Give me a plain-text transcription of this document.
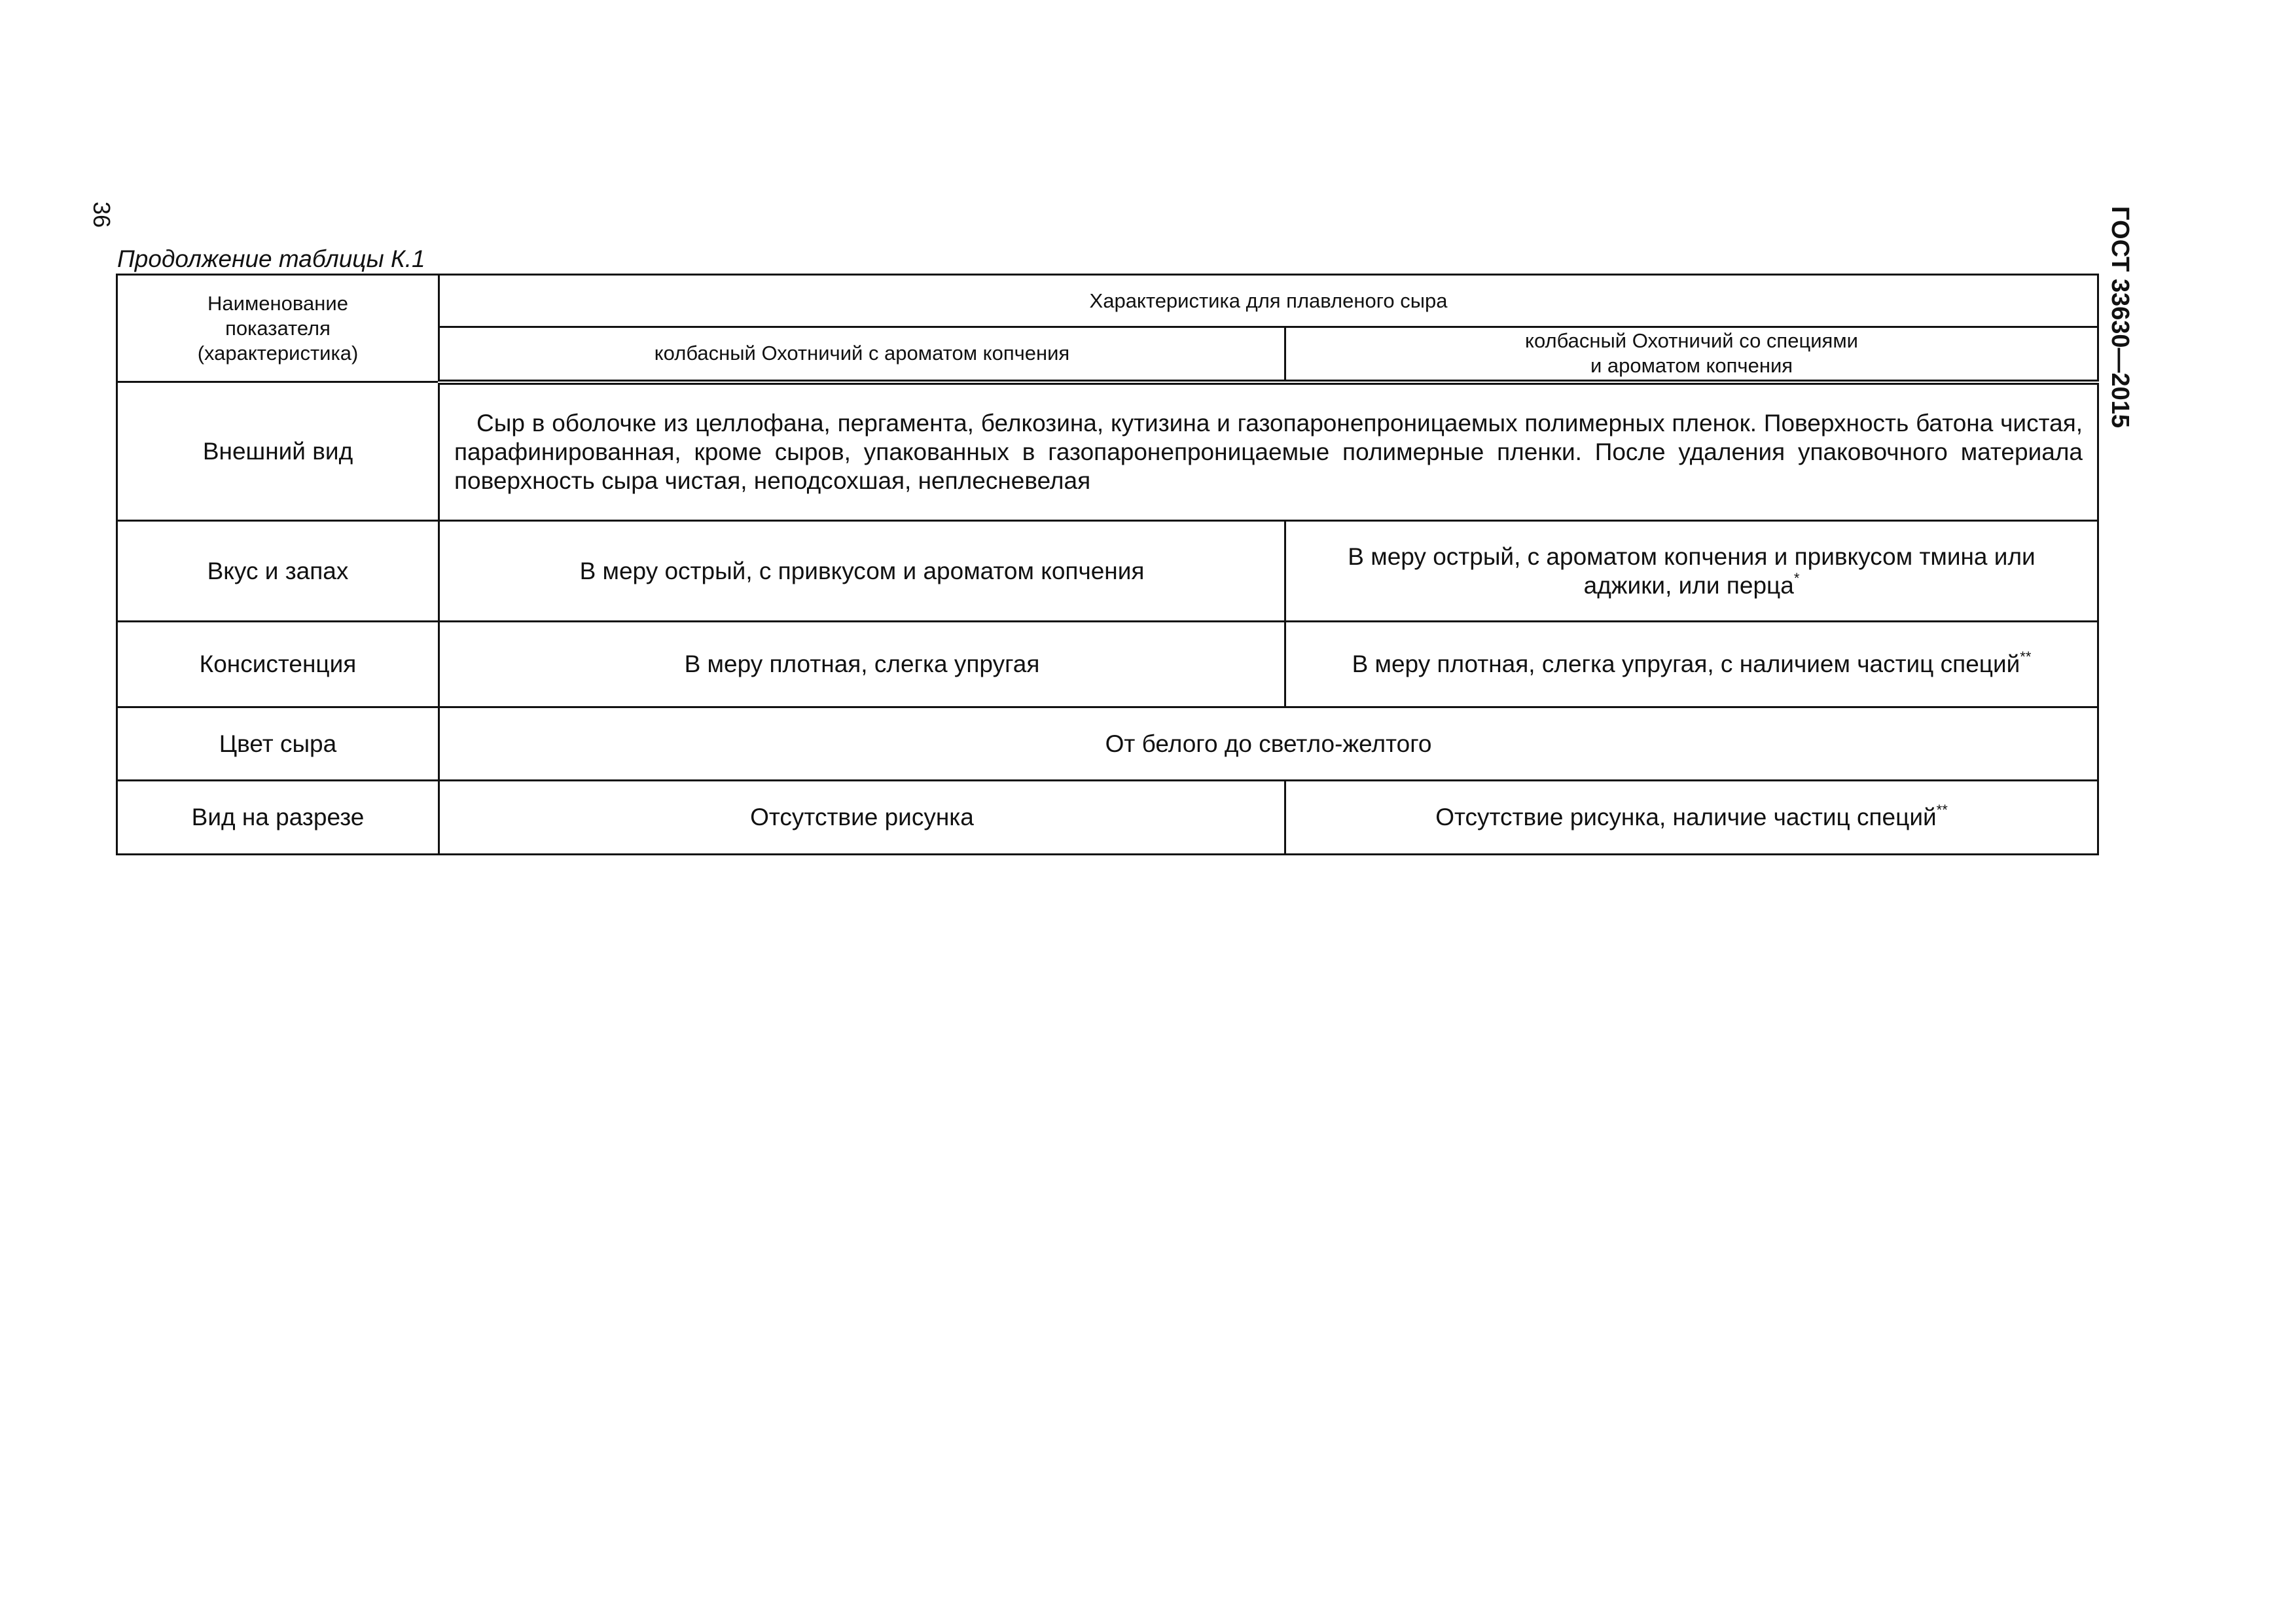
36	ГОСТ 33630—2015
Продолжение таблицы К.1
Наименование показателя (характеристика)	Характеристика для плавленого сыра	
	колбасный Охотничий с ароматом копчения	колбасный Охотничий со специями
и ароматом копчения

Внешний вид	Сыр в оболочке из целлофана, пергамента, белкозина, кутизина и газопаронепроницаемых полимерных пленок. Поверхность батона чистая, парафинированная, кроме сыров, упакованных в газопаронепроницаемые полимерные пленки. После удаления упаковочного материала поверхность сыра чистая, неподсохшая, неплесневелая	
Вкус и запах	В меру острый, с привкусом и ароматом копчения	В меру острый, с ароматом копчения и привкусом тмина или аджики, или перца*
Консистенция	В меру плотная, слегка упругая	В меру плотная, слегка упругая, с наличием частиц специй**
Цвет сыра	От белого до светло-желтого	
Вид на разрезе	Отсутствие рисунка	Отсутствие рисунка, наличие частиц специй**
